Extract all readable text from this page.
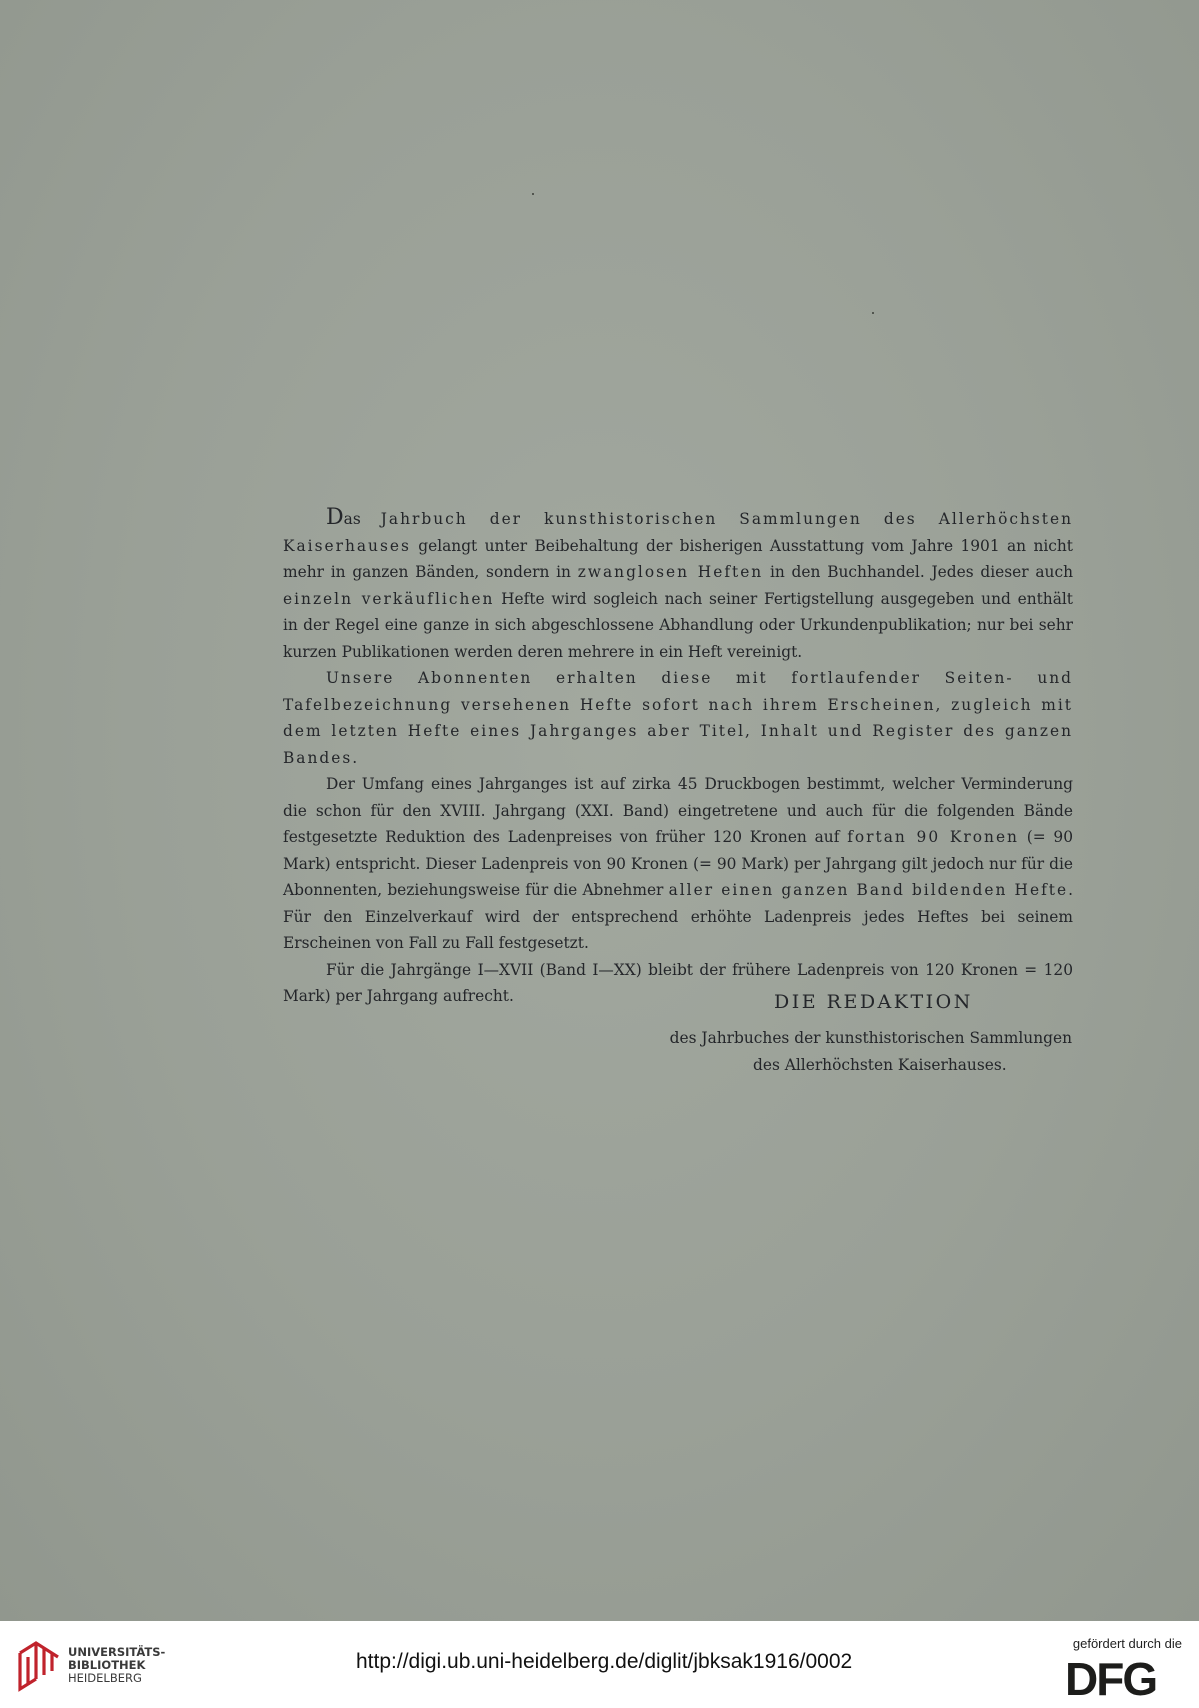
Das Jahrbuch der kunsthistorischen Sammlungen des Allerhöchsten Kaiserhauses gelangt unter Beibehaltung der bisherigen Ausstattung vom Jahre 1901 an nicht mehr in ganzen Bänden, sondern in zwanglosen Heften in den Buchhandel. Jedes dieser auch einzeln verkäuflichen Hefte wird sogleich nach seiner Fertigstellung ausgegeben und enthält in der Regel eine ganze in sich abgeschlossene Abhandlung oder Urkundenpublikation; nur bei sehr kurzen Publikationen werden deren mehrere in ein Heft vereinigt.

Unsere Abonnenten erhalten diese mit fortlaufender Seiten- und Tafelbezeichnung versehenen Hefte sofort nach ihrem Erscheinen, zugleich mit dem letzten Hefte eines Jahrganges aber Titel, Inhalt und Register des ganzen Bandes.

Der Umfang eines Jahrganges ist auf zirka 45 Druckbogen bestimmt, welcher Verminderung die schon für den XVIII. Jahrgang (XXI. Band) eingetretene und auch für die folgenden Bände festgesetzte Reduktion des Ladenpreises von früher 120 Kronen auf fortan 90 Kronen (= 90 Mark) entspricht. Dieser Ladenpreis von 90 Kronen (= 90 Mark) per Jahrgang gilt jedoch nur für die Abonnenten, beziehungsweise für die Abnehmer aller einen ganzen Band bildenden Hefte. Für den Einzelverkauf wird der entsprechend erhöhte Ladenpreis jedes Heftes bei seinem Erscheinen von Fall zu Fall festgesetzt.

Für die Jahrgänge I—XVII (Band I—XX) bleibt der frühere Ladenpreis von 120 Kronen = 120 Mark) per Jahrgang aufrecht.	DIE REDAKTION
des Jahrbuches der kunsthistorischen Sammlungen
des Allerhöchsten Kaiserhauses.
UNIVERSITÄTS-
BIBLIOTHEK
HEIDELBERG
http://digi.ub.uni-heidelberg.de/diglit/jbksak1916/0002
gefördert durch die
DFG
